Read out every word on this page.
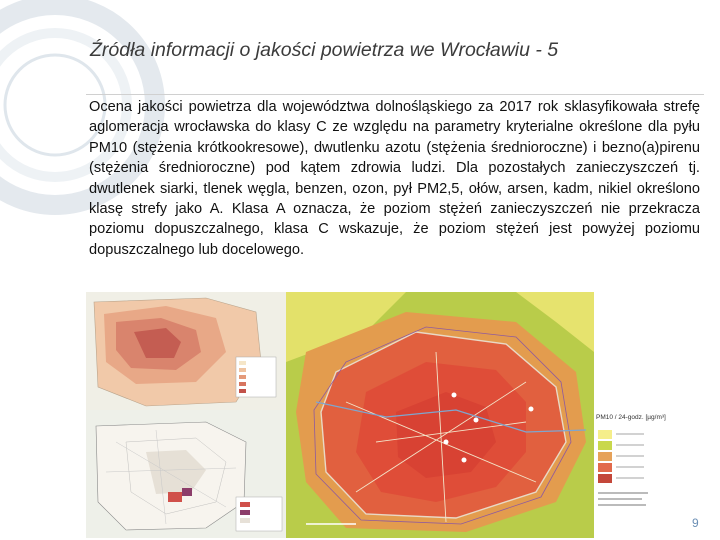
Źródła informacji o jakości powietrza we Wrocławiu - 5

Ocena jakości powietrza dla województwa dolnośląskiego za 2017 rok sklasyfikowała strefę aglomeracja wrocławska do klasy C ze względu na parametry kryterialne określone dla pyłu PM10 (stężenia krótkookresowe), dwutlenku azotu (stężenia średnioroczne) i bezno(a)pirenu (stężenia średnioroczne) pod kątem zdrowia ludzi. Dla pozostałych zanieczyszczeń tj. dwutlenek siarki, tlenek węgla, benzen, ozon, pył PM2,5, ołów, arsen, kadm, nikiel określono klasę strefy jako A. Klasa A oznacza, że poziom stężeń zanieczyszczeń nie przekracza poziomu dopuszczalnego, klasa C wskazuje, że poziom stężeń jest powyżej poziomu dopuszczalnego lub docelowego.

PM10 / 24-godz. [µg/m³]
9
